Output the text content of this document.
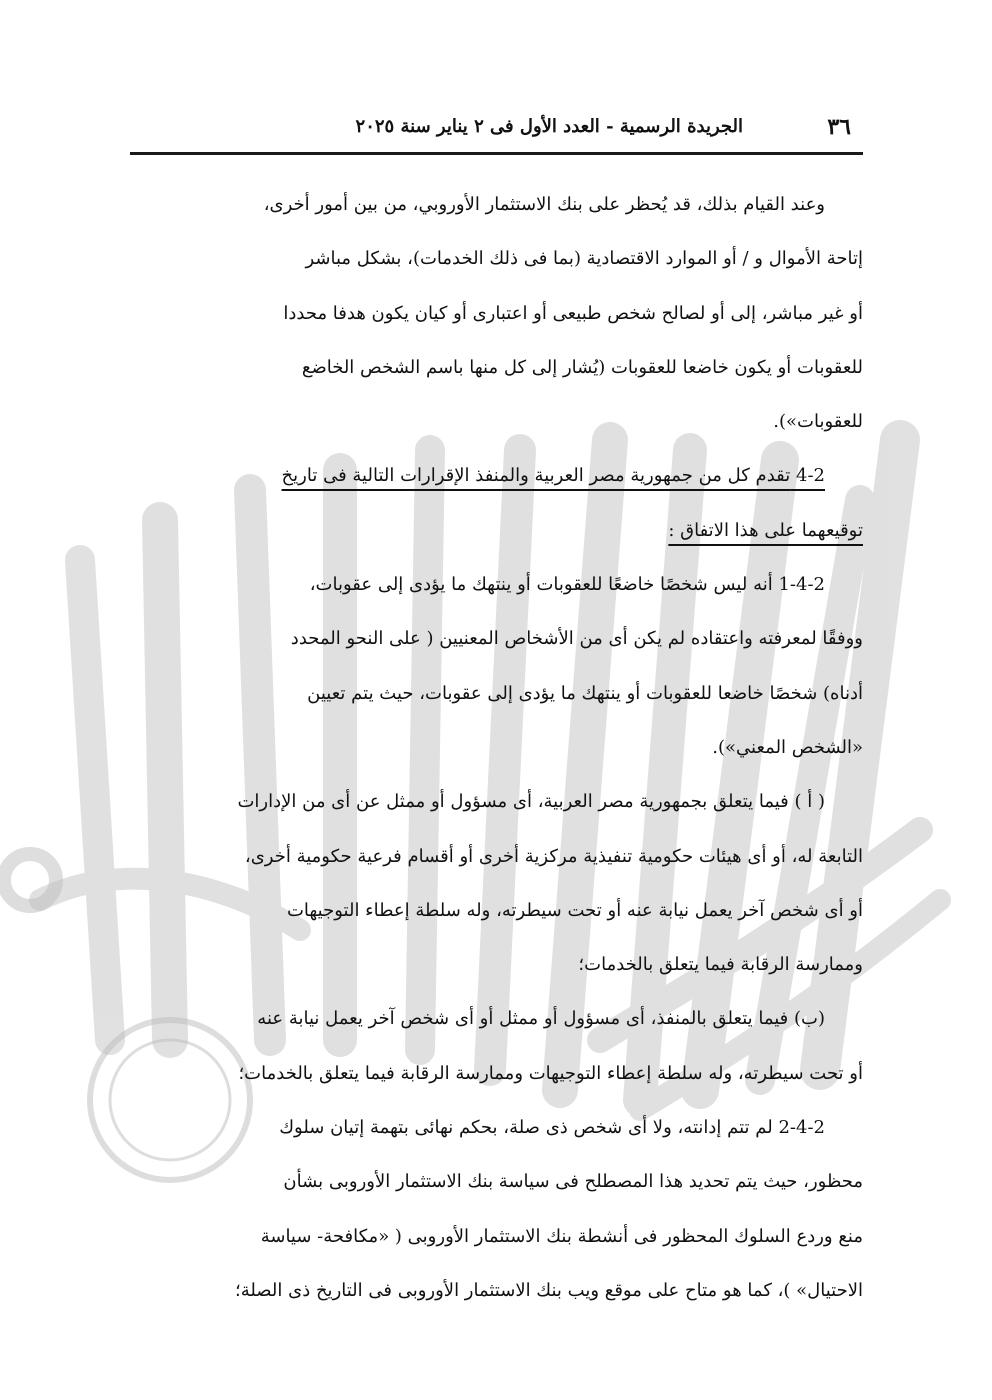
٣٦
الجريدة الرسمية - العدد الأول فى ٢ يناير سنة ٢٠٢٥

وعند القيام بذلك، قد يُحظر على بنك الاستثمار الأوروبي، من بين أمور أخرى،
إتاحة الأموال و / أو الموارد الاقتصادية (بما فى ذلك الخدمات)، بشكل مباشر
أو غير مباشر، إلى أو لصالح شخص طبيعى أو اعتبارى أو كيان يكون هدفا محددا
للعقوبات أو يكون خاضعا للعقوبات (يُشار إلى كل منها باسم الشخص الخاضع
للعقوبات»).

4-2 تقدم كل من جمهورية مصر العربية والمنفذ الإقرارات التالية فى تاريخ
توقيعهما على هذا الاتفاق :

1-4-2 أنه ليس شخصًا خاضعًا للعقوبات أو ينتهك ما يؤدى إلى عقوبات،
ووفقًا لمعرفته واعتقاده لم يكن أى من الأشخاص المعنيين ( على النحو المحدد
أدناه) شخصًا خاضعا للعقوبات أو ينتهك ما يؤدى إلى عقوبات، حيث يتم تعيين
«الشخص المعني»).

( أ ) فيما يتعلق بجمهورية مصر العربية، أى مسؤول أو ممثل عن أى من الإدارات
التابعة له، أو أى هيئات حكومية تنفيذية مركزية أخرى أو أقسام فرعية حكومية أخرى،
أو أى شخص آخر يعمل نيابة عنه أو تحت سيطرته، وله سلطة إعطاء التوجيهات
وممارسة الرقابة فيما يتعلق بالخدمات؛

(ب) فيما يتعلق بالمنفذ، أى مسؤول أو ممثل أو أى شخص آخر يعمل نيابة عنه
أو تحت سيطرته، وله سلطة إعطاء التوجيهات وممارسة الرقابة فيما يتعلق بالخدمات؛

2-4-2 لم تتم إدانته، ولا أى شخص ذى صلة، بحكم نهائى بتهمة إتيان سلوك
محظور، حيث يتم تحديد هذا المصطلح فى سياسة بنك الاستثمار الأوروبى بشأن
منع وردع السلوك المحظور فى أنشطة بنك الاستثمار الأوروبى ( «مكافحة- سياسة
الاحتيال» )، كما هو متاح على موقع ويب بنك الاستثمار الأوروبى فى التاريخ ذى الصلة؛
